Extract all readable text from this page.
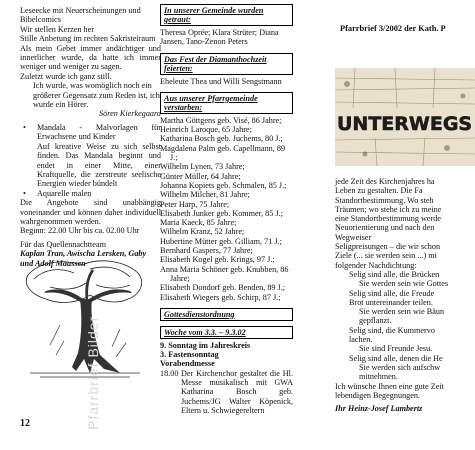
Leseecke mit Neuerscheinungen und Bibelcomics

Wir stellen Kerzen her

Stille Anbetung im rechten Sakristeiraum

Als mein Gebet immer andächtiger und innerlicher wurde, da hatte ich immer weniger und weniger zu sagen.

Zuletzt wurde ich ganz still.

Ich wurde, was womöglich noch ein größerer Gegensatz zum Reden ist, ich wurde ein Hörer.

Sören Kierkegaard

•	Mandala - Malvorlagen für Erwachsene und Kinder
Auf kreative Weise zu sich selbst finden. Das Mandala beginnt und endet in einer Mitte, einer Kraftquelle, die zerstreute seelische Energien wieder bündelt
•	Aquarelle malen

Die Angebote sind unabhängig voneinander und können daher individuell wahrgenommen werden.

Beginn: 22.00 Uhr bis ca. 02.00 Uhr

Für das Quellennachtteam

Kaplan Tran, Awischa Lersken, Gaby und Adolf Maassen

Pfarrbrief Bilder
12
In unserer Gemeinde wurden getraut:

Theresa Oprée; Klara Strüter; Diana Jansen, Tano-Zenon Peters

Das Fest der Diamanthochzeit feierten:

Eheleute Thea und Willi Sengstmann

Aus unserer Pfarrgemeinde verstarben:

Martha Göttgens geb. Visé, 86 Jahre;

Heinrich Laroque, 65 Jahre;

Katharina Bosch geb. Juchems, 80 J.;

Magdalena Palm geb. Capellmann, 89 J.;

Wilhelm Lynen, 73 Jahre;

Günter Müller, 64 Jahre;

Johanna Kopiets geb. Schmalen, 85 J.;

Wilhelm Milcher, 81 Jahre;

Peter Harp, 75 Jahre;

Elisabeth Junker geb. Kommer, 85 J.;

Maria Kaeck, 85 Jahre;

Wilhelm Kranz, 52 Jahre;

Hubertine Mütter geb. Gilliam, 71 J.;

Bernhard Gaspers, 77 Jahre;

Elisabeth Kogel geb. Krings, 97 J.;

Anna Maria Schöner geb. Knubben, 86 Jahre;

Elisabeth Dondorf geb. Benden, 89 J.;

Elisabeth Wiegers geb. Schirp, 87 J.;

Gottesdienstordnung
Woche vom 3.3. – 9.3.02

9. Sonntag im Jahreskreis

3. Fastensonntag

Vorabendmesse

18.00 Der Kirchenchor gestaltet die Hl. Messe musikalisch mit GWA Katharina Bosch geb. Juchems/JG Walter Köpenick, Eltern u. Schwiegereltern
Pfarrbrief 3/2002 der Kath. P
UNTERWEGS

jede Zeit des Kirchenjahres ha

Leben zu gestalten. Die Fa

Standortbestimmung. Wo steh

Träumen; wo stehe ich zu meine

eine Standortbestimmung werde

Neuorientierung und nach den

Wegweiser

Seligpreisungen – die wir schon

Ziele (... sie werden sein ...) mi

folgender Nachdichtung:

Selig sind alle, die Brücken

Sie werden sein wie Gottes

Selig sind alle, die Freude

Brot untereinander teilen.

Sie werden sein wie Bäun

gepflanzt.

Selig sind, die Kummervo

lachen.

Sie sind Freunde Jesu.

Selig sind alle, denen die He

Sie werden sich aufschw

mitnehmen.

Ich wünsche Ihnen eine gute Zeit

lebendigen Begegnungen.

Ihr Heinz-Josef Lambertz
